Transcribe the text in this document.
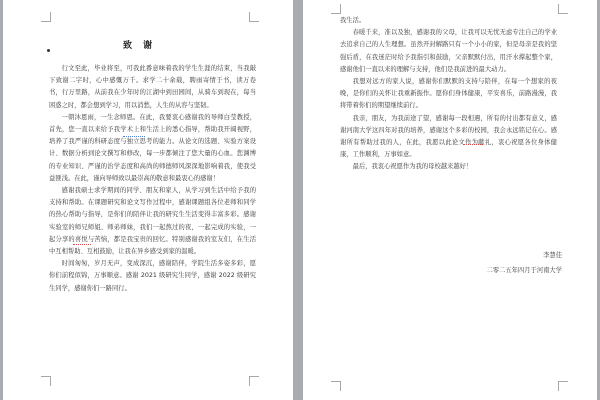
致 谢

行文至此，毕业将至，可我此番意味着我的学生生涯的结束，当我敲下致谢二字时，心中感慨万千。求学二十余载，聘雨寄情于书，读万卷书，行万里路，从前我在少年时的江湖中到田园间，从骑车到现在，每当困惑之时，都会想到学习，用以消愁，人生的从容与坚韧。

一朝沐恩雨，一生念师恩。在此，我要衷心感谢我的导师白莹教授，首先，您一直以来给予我学术上和生活上的悉心指导，帮助我开阔视野，培养了我严谨的科研态度与独立思考的能力。从论文的选题、实验方案设计、数据分析到论文撰写和修改，每一步都倾注了您大量的心血。您渊博的专业知识、严谨的治学态度和高尚的师德师风深深地影响着我，使我受益匪浅。在此，谨向导师致以最崇高的敬意和最衷心的感谢！

感谢我硕士求学期间的同学、朋友和家人，从学习到生活中给予我的支持和帮助。在课题研究和论文写作过程中，感谢课题组各位老师和同学的热心帮助与指导，是你们的陪伴让我的研究生生活变得丰富多彩。感谢实验室的师兄师姐、师弟师妹，我们一起熬过的夜，一起完成的实验，一起分享的喜悦与苦恼，都是我宝贵的回忆。特别感谢我的室友们，在生活中互相帮助、互相鼓励，让我在异乡感受到家的温暖。

时间匆匆，岁月无声，变成深沉，感谢陪伴，学院生活多姿多彩，愿你们前程似锦，万事顺意。感谢 2021 级研究生同学，感谢 2022 级研究生同学，感谢你们一路同行。

我生活。

春暖千来，准以及独，感谢我的父母，让我可以无忧无虑专注自己的学业去追求自己的人生理想。虽然开封解路只有一个小小的家，但是母亲是我的坚强后盾，在我迷茫时给予我指引和鼓励，父亲默默付出，用汗水撑起整个家，感谢他们一直以来的理解与支持，他们是我前进的最大动力。

我想对远方的家人说，感谢你们默默的支持与陪伴，在每一个想家的夜晚，是你们的关怀让我重新振作。愿你们身体健康，平安喜乐，前路漫漫，我将带着你们的期望继续前行。

我亲，朋友，为我前途了望，感谢每一段相遇，所有的付出都有意义，感谢河南大学这四年对我的培养，感谢这个多彩的校园，我会永远铭记在心。感谢所有帮助过我的人，在此，我愿以此论文作为献礼，衷心祝愿各位身体健康，工作顺利，万事如意。

最后，我衷心祝愿作为我的母校越来越好！

李慧佳
二零二五年四月于河南大学
